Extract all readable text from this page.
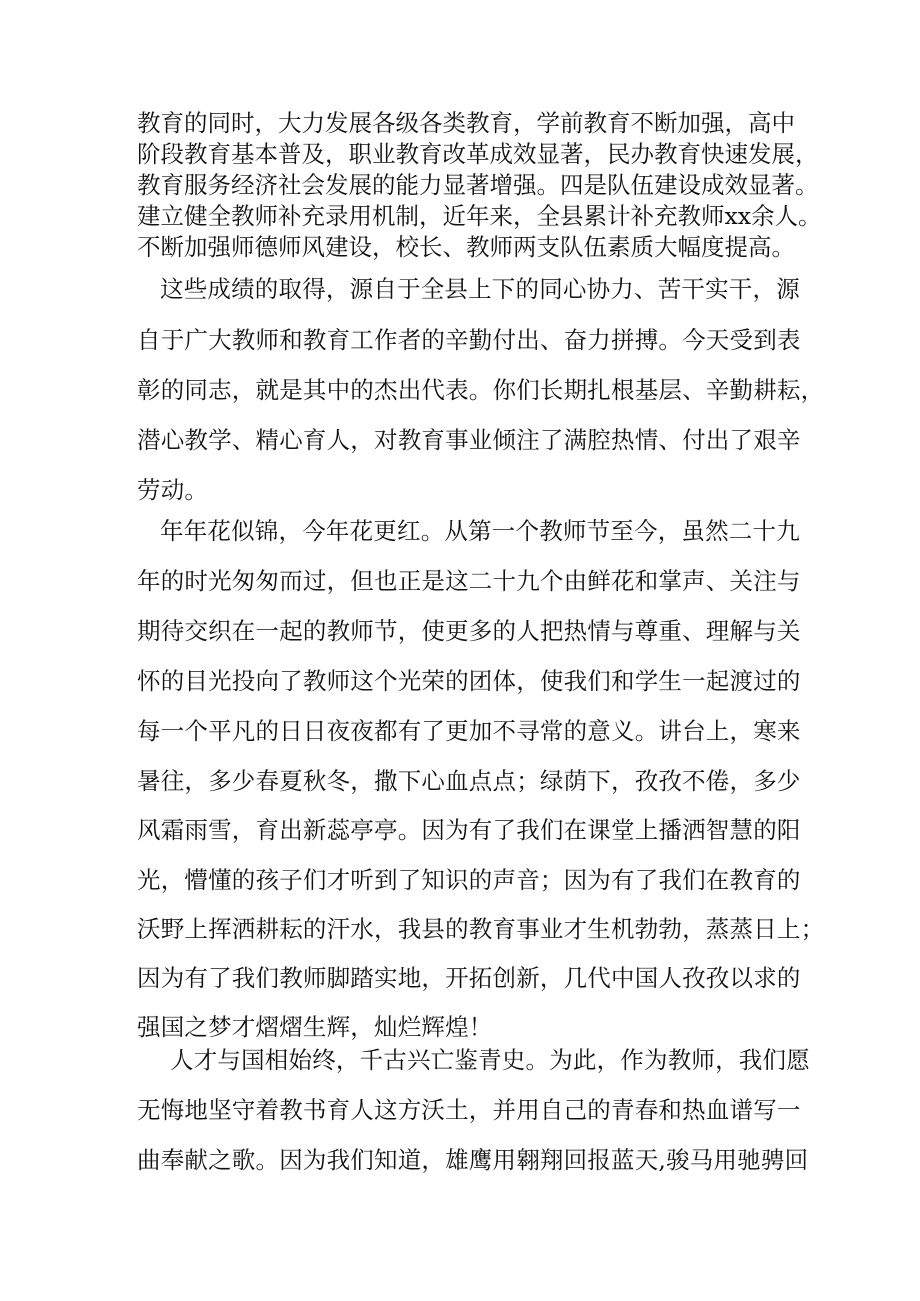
教育的同时，大力发展各级各类教育，学前教育不断加强，高中
阶段教育基本普及，职业教育改革成效显著，民办教育快速发展，
教育服务经济社会发展的能力显著增强。四是队伍建设成效显著。
建立健全教师补充录用机制，近年来，全县累计补充教师xx余人。
不断加强师德师风建设，校长、教师两支队伍素质大幅度提高。
这些成绩的取得，源自于全县上下的同心协力、苦干实干，源
自于广大教师和教育工作者的辛勤付出、奋力拼搏。今天受到表
彰的同志，就是其中的杰出代表。你们长期扎根基层、辛勤耕耘，
潜心教学、精心育人，对教育事业倾注了满腔热情、付出了艰辛
劳动。
年年花似锦，今年花更红。从第一个教师节至今，虽然二十九
年的时光匆匆而过，但也正是这二十九个由鲜花和掌声、关注与
期待交织在一起的教师节，使更多的人把热情与尊重、理解与关
怀的目光投向了教师这个光荣的团体，使我们和学生一起渡过的
每一个平凡的日日夜夜都有了更加不寻常的意义。讲台上，寒来
暑往，多少春夏秋冬，撒下心血点点；绿荫下，孜孜不倦，多少
风霜雨雪，育出新蕊亭亭。因为有了我们在课堂上播洒智慧的阳
光，懵懂的孩子们才听到了知识的声音；因为有了我们在教育的
沃野上挥洒耕耘的汗水，我县的教育事业才生机勃勃，蒸蒸日上；
因为有了我们教师脚踏实地，开拓创新，几代中国人孜孜以求的
强国之梦才熠熠生辉，灿烂辉煌！
人才与国相始终，千古兴亡鉴青史。为此，作为教师，我们愿
无悔地坚守着教书育人这方沃土，并用自己的青春和热血谱写一
曲奉献之歌。因为我们知道，雄鹰用翱翔回报蓝天,骏马用驰骋回
